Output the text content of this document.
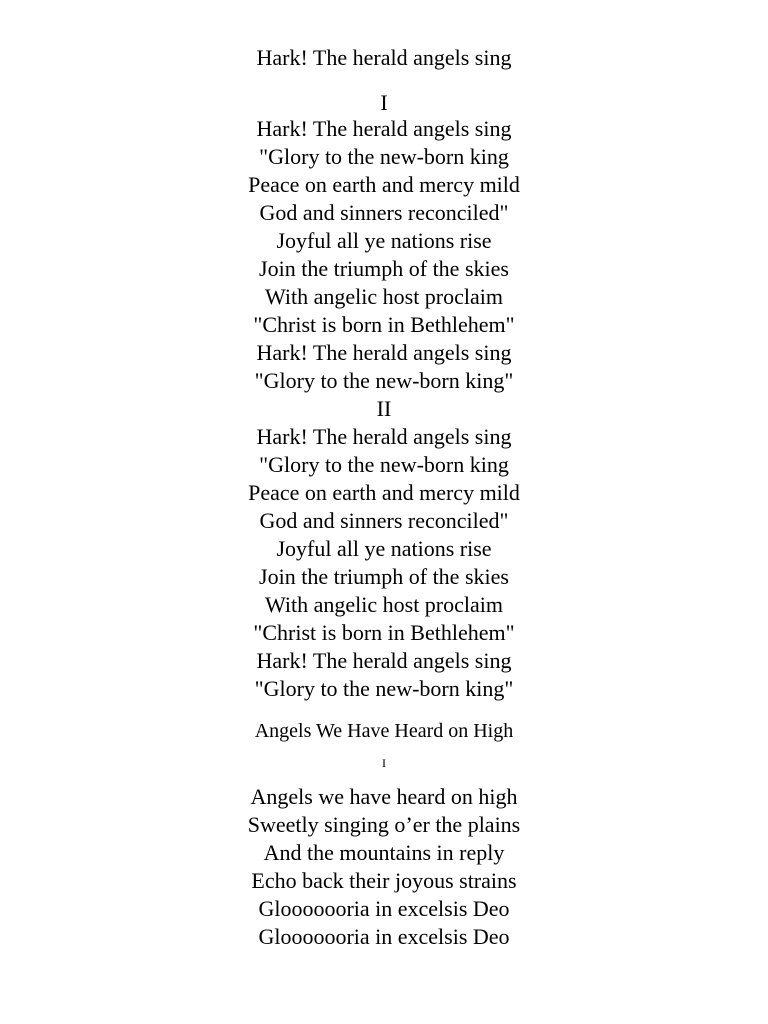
Hark! The herald angels sing
I
Hark! The herald angels sing
"Glory to the new-born king
Peace on earth and mercy mild
God and sinners reconciled"
Joyful all ye nations rise
Join the triumph of the skies
With angelic host proclaim
"Christ is born in Bethlehem"
Hark! The herald angels sing
"Glory to the new-born king"
II
Hark! The herald angels sing
"Glory to the new-born king
Peace on earth and mercy mild
God and sinners reconciled"
Joyful all ye nations rise
Join the triumph of the skies
With angelic host proclaim
"Christ is born in Bethlehem"
Hark! The herald angels sing
"Glory to the new-born king"
Angels We Have Heard on High
I
Angels we have heard on high
Sweetly singing o’er the plains
And the mountains in reply
Echo back their joyous strains
Glooooooria in excelsis Deo
Glooooooria in excelsis Deo
